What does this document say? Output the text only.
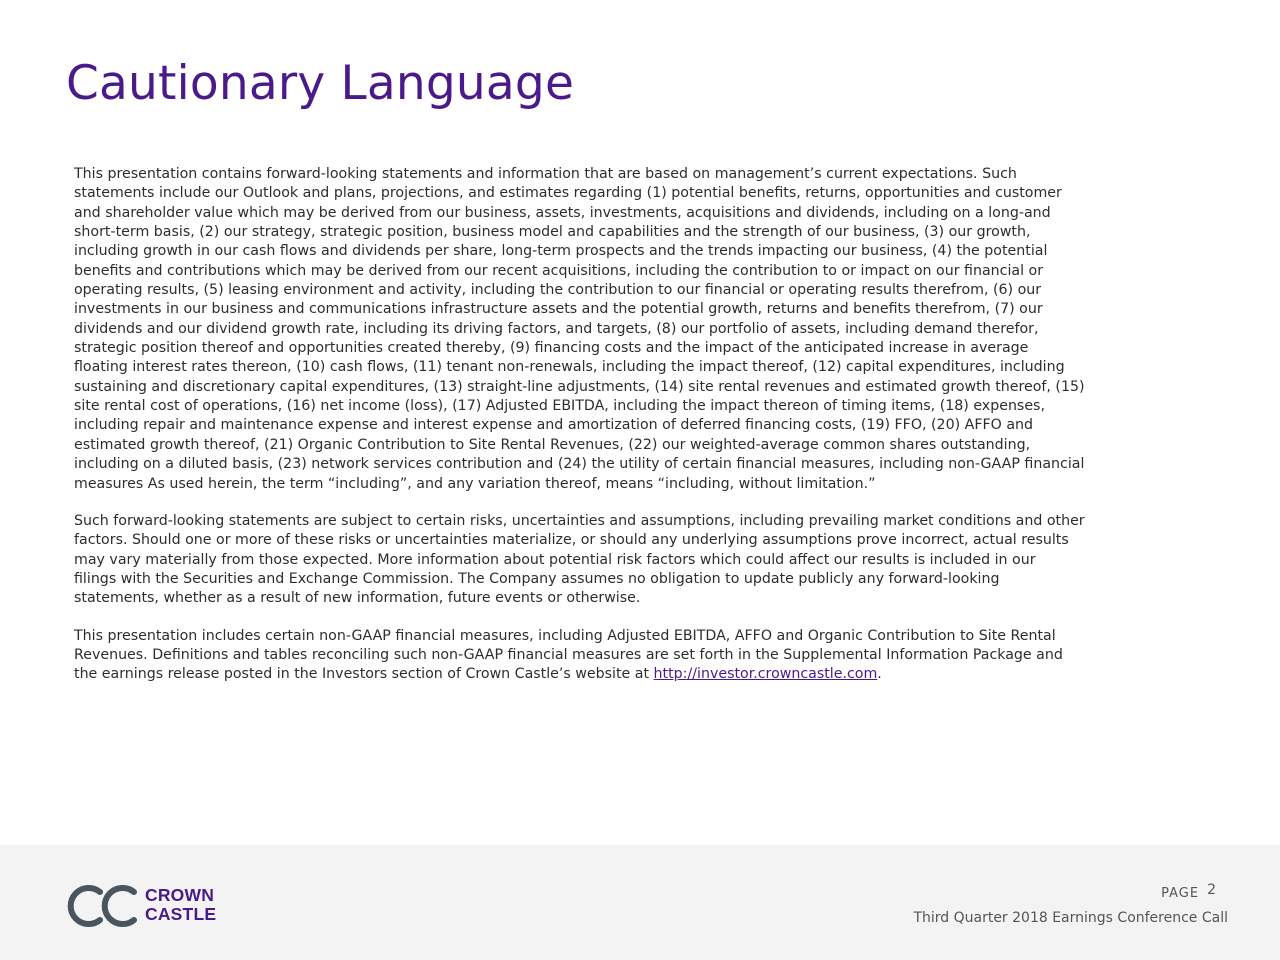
Cautionary Language

This presentation contains forward-looking statements and information that are based on management’s current expectations. Such
statements include our Outlook and plans, projections, and estimates regarding (1) potential benefits, returns, opportunities and customer
and shareholder value which may be derived from our business, assets, investments, acquisitions and dividends, including on a long-and
short-term basis, (2) our strategy, strategic position, business model and capabilities and the strength of our business, (3) our growth,
including growth in our cash flows and dividends per share, long-term prospects and the trends impacting our business, (4) the potential
benefits and contributions which may be derived from our recent acquisitions, including the contribution to or impact on our financial or
operating results, (5) leasing environment and activity, including the contribution to our financial or operating results therefrom, (6) our
investments in our business and communications infrastructure assets and the potential growth, returns and benefits therefrom, (7) our
dividends and our dividend growth rate, including its driving factors, and targets, (8) our portfolio of assets, including demand therefor,
strategic position thereof and opportunities created thereby, (9) financing costs and the impact of the anticipated increase in average
floating interest rates thereon, (10) cash flows, (11) tenant non-renewals, including the impact thereof, (12) capital expenditures, including
sustaining and discretionary capital expenditures, (13) straight-line adjustments, (14) site rental revenues and estimated growth thereof, (15)
site rental cost of operations, (16) net income (loss), (17) Adjusted EBITDA, including the impact thereon of timing items, (18) expenses,
including repair and maintenance expense and interest expense and amortization of deferred financing costs, (19) FFO, (20) AFFO and
estimated growth thereof, (21) Organic Contribution to Site Rental Revenues, (22) our weighted-average common shares outstanding,
including on a diluted basis, (23) network services contribution and (24) the utility of certain financial measures, including non-GAAP financial
measures As used herein, the term “including”, and any variation thereof, means “including, without limitation.”

Such forward-looking statements are subject to certain risks, uncertainties and assumptions, including prevailing market conditions and other
factors. Should one or more of these risks or uncertainties materialize, or should any underlying assumptions prove incorrect, actual results
may vary materially from those expected. More information about potential risk factors which could affect our results is included in our
filings with the Securities and Exchange Commission. The Company assumes no obligation to update publicly any forward-looking
statements, whether as a result of new information, future events or otherwise.

This presentation includes certain non-GAAP financial measures, including Adjusted EBITDA, AFFO and Organic Contribution to Site Rental
Revenues. Definitions and tables reconciling such non-GAAP financial measures are set forth in the Supplemental Information Package and
the earnings release posted in the Investors section of Crown Castle’s website at http://investor.crowncastle.com.

CROWN
CASTLE
PAGE 2
Third Quarter 2018 Earnings Conference Call
